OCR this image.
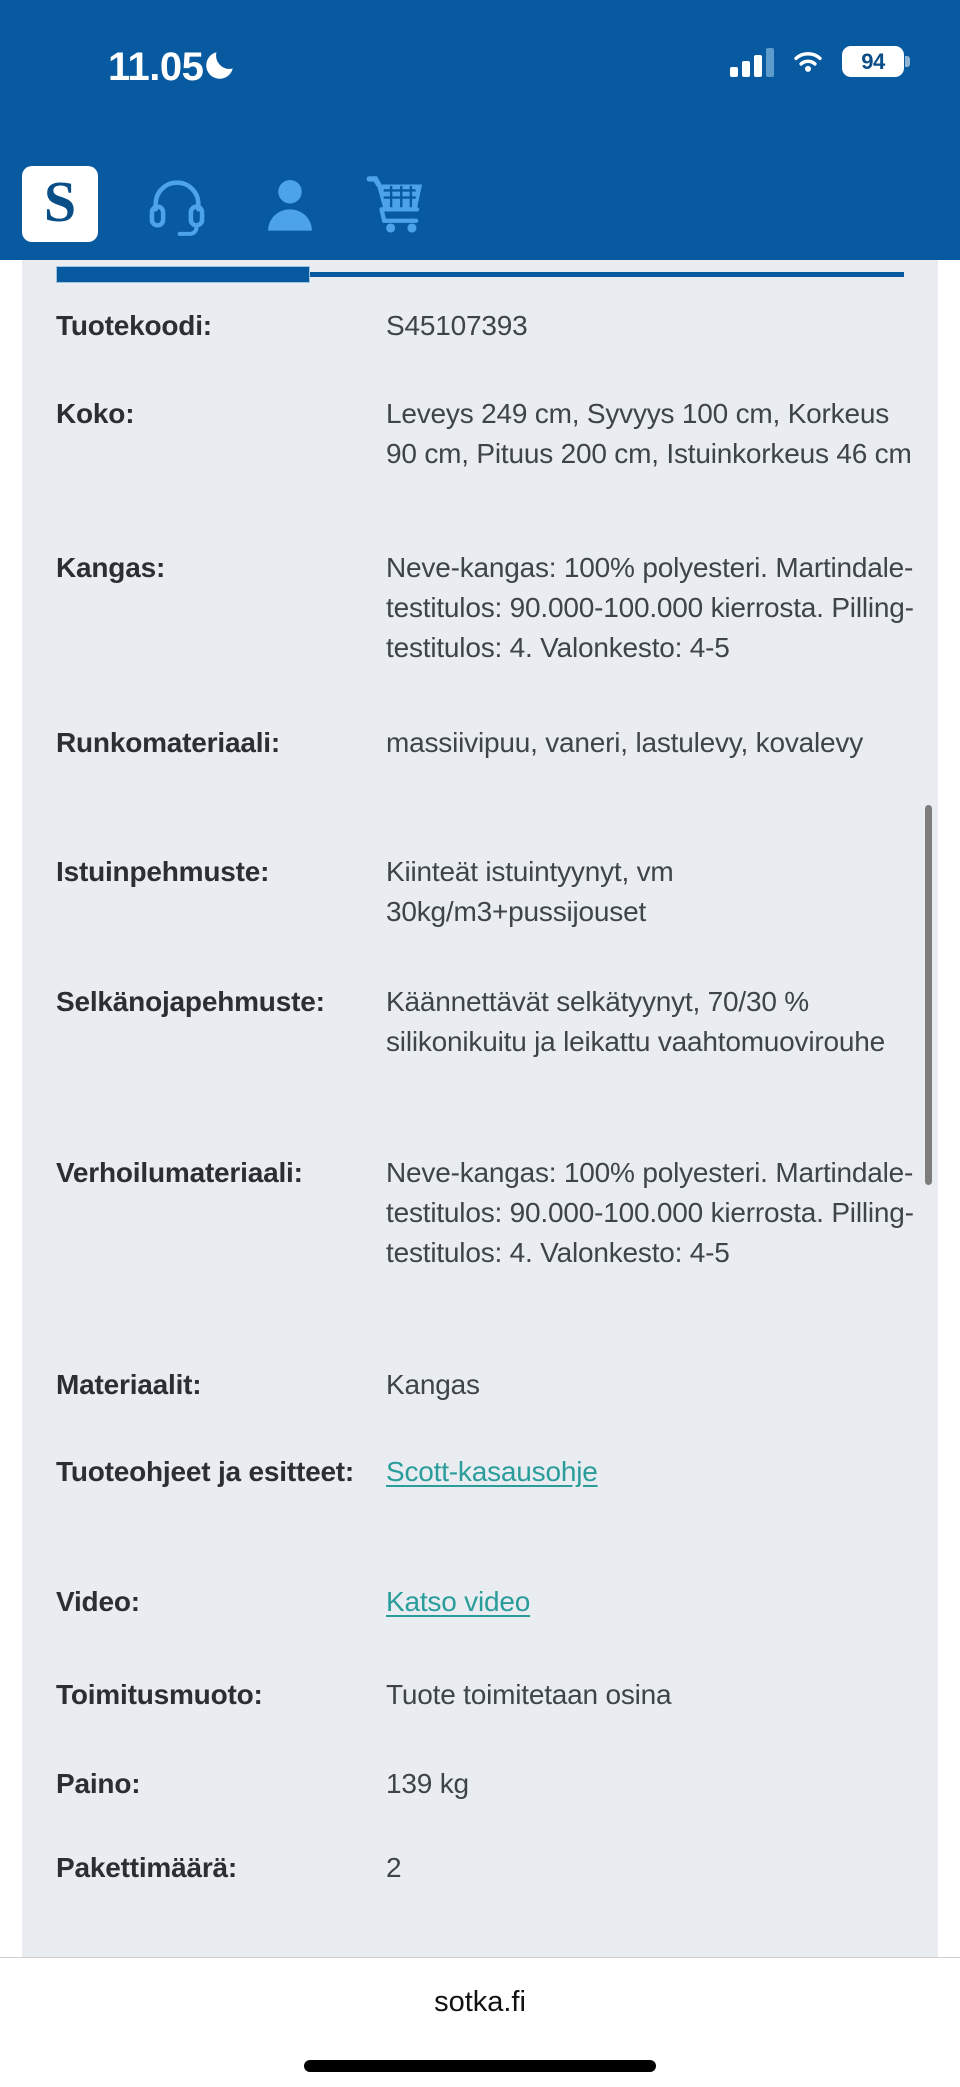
11.05	94
S
Hae
Tuotekoodi:	S45107393
Koko:	Leveys 249 cm, Syvyys 100 cm, Korkeus 90 cm, Pituus 200 cm, Istuinkorkeus 46 cm
Kangas:	Neve-kangas: 100% polyesteri. Martindale-testitulos: 90.000-100.000 kierrosta. Pilling-testitulos: 4. Valonkesto: 4-5
Runkomateriaali:	massiivipuu, vaneri, lastulevy, kovalevy
Istuinpehmuste:	Kiinteät istuintyynyt, vm 30kg/m3+pussijouset
Selkänojapehmuste:	Käännettävät selkätyynyt, 70/30 % silikonikuitu ja leikattu vaahtomuovirouhe
Verhoilumateriaali:	Neve-kangas: 100% polyesteri. Martindale-testitulos: 90.000-100.000 kierrosta. Pilling-testitulos: 4. Valonkesto: 4-5
Materiaalit:	Kangas
Tuoteohjeet ja esitteet:	Scott-kasausohje
Video:	Katso video
Toimitusmuoto:	Tuote toimitetaan osina
Paino:	139 kg
Pakettimäärä:	2
sotka.fi
